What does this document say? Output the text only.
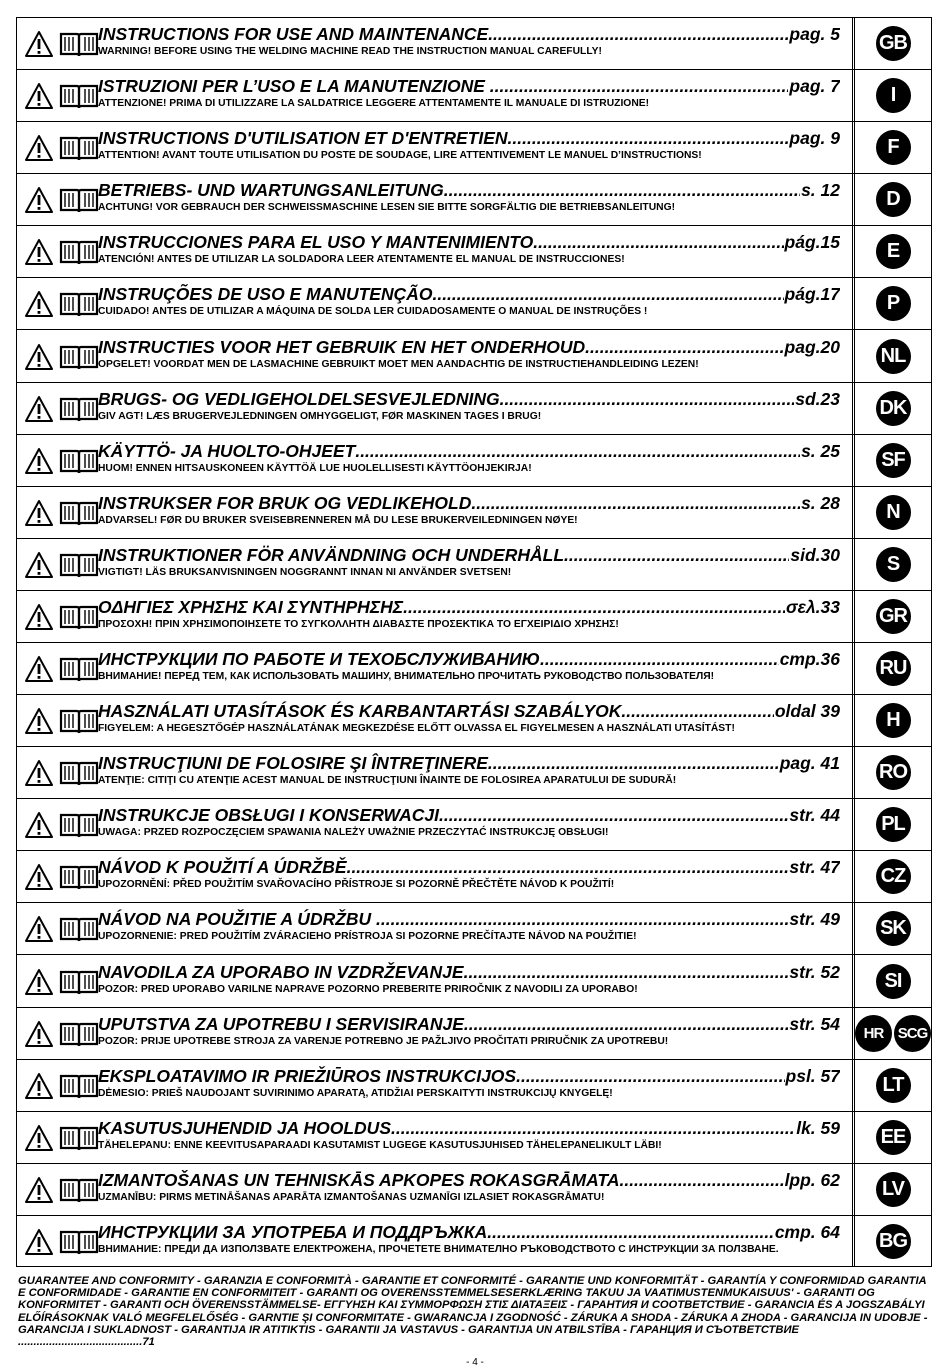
INSTRUCTIONS FOR USE AND MAINTENANCE .....	pag. 5
WARNING! BEFORE USING THE WELDING MACHINE READ THE INSTRUCTION MANUAL CAREFULLY!	GB
ISTRUZIONI PER L’USO E LA MANUTENZIONE .. .....	pag. 7
ATTENZIONE! PRIMA DI UTILIZZARE LA SALDATRICE LEGGERE ATTENTAMENTE IL MANUALE DI ISTRUZIONE!	I
INSTRUCTIONS D'UTILISATION ET D'ENTRETIEN .....	pag. 9
ATTENTION! AVANT TOUTE UTILISATION DU POSTE DE SOUDAGE, LIRE ATTENTIVEMENT LE MANUEL D’INSTRUCTIONS!	F
BETRIEBS- UND WARTUNGSANLEITUNG .....	s. 12
ACHTUNG! VOR GEBRAUCH DER SCHWEISSMASCHINE LESEN SIE BITTE SORGFÄLTIG DIE BETRIEBSANLEITUNG!	D
INSTRUCCIONES PARA EL USO Y MANTENIMIENTO .....	pág.15
ATENCIÓN! ANTES DE UTILIZAR LA SOLDADORA LEER ATENTAMENTE EL MANUAL DE INSTRUCCIONES!	E
INSTRUÇÕES DE USO E MANUTENÇÃO .....	pág.17
CUIDADO! ANTES DE UTILIZAR A MÁQUINA DE SOLDA LER CUIDADOSAMENTE O MANUAL DE INSTRUÇÕES !	P
INSTRUCTIES VOOR HET GEBRUIK EN HET ONDERHOUD .....	pag.20
OPGELET! VOORDAT MEN DE LASMACHINE GEBRUIKT MOET MEN AANDACHTIG DE INSTRUCTIEHANDLEIDING LEZEN!	NL
BRUGS- OG VEDLIGEHOLDELSESVEJLEDNING .....	sd.23
GIV AGT! LÆS BRUGERVEJLEDNINGEN OMHYGGELIGT, FØR MASKINEN TAGES I BRUG!	DK
KÄYTTÖ- JA HUOLTO-OHJEET .....	s. 25
HUOM! ENNEN HITSAUSKONEEN KÄYTTÖÄ LUE HUOLELLISESTI KÄYTTÖOHJEKIRJA!	SF
INSTRUKSER FOR BRUK OG VEDLIKEHOLD .....	s. 28
ADVARSEL! FØR DU BRUKER SVEISEBRENNEREN MÅ DU LESE BRUKERVEILEDNINGEN NØYE!	N
INSTRUKTIONER FÖR ANVÄNDNING OCH UNDERHÅLL .....	sid.30
VIGTIGT! LÄS BRUKSANVISNINGEN NOGGRANNT INNAN NI ANVÄNDER SVETSEN!	S
ΟΔΗΓΙΕΣ ΧΡΗΣΗΣ ΚΑΙ ΣΥΝΤΗΡΗΣΗΣ .....	σελ.33
ΠΡΟΣΟΧΗ! ΠΡΙΝ ΧΡΗΣΙΜΟΠΟΙΗΣΕΤΕ ΤΟ ΣΥΓΚΟΛΛΗΤΗ ΔΙΑΒΑΣΤΕ ΠΡΟΣΕΚΤΙΚΑ ΤΟ ΕΓΧΕΙΡΙΔΙΟ ΧΡΗΣΗΣ!	GR
ИНСТРУКЦИИ ПО РАБОТЕ И ТЕХОБСЛУЖИВАНИЮ .....	стр.36
ВНИМАНИЕ! ПЕРЕД ТЕМ, КАК ИСПОЛЬЗОВАТЬ МАШИНУ, ВНИМАТЕЛЬНО ПРОЧИТАТЬ РУКОВОДСТВО ПОЛЬЗОВАТЕЛЯ!	RU
HASZNÁLATI UTASÍTÁSOK ÉS KARBANTARTÁSI SZABÁLYOK .....	oldal 39
FIGYELEM: A HEGESZTŐGÉP HASZNÁLATÁNAK MEGKEZDÉSE ELŐTT OLVASSA EL FIGYELMESEN A HASZNÁLATI UTASÍTÁST!	H
INSTRUCŢIUNI DE FOLOSIRE ŞI ÎNTREŢINERE .....	pag. 41
ATENŢIE: CITIŢI CU ATENŢIE ACEST MANUAL DE INSTRUCŢIUNI ÎNAINTE DE FOLOSIREA APARATULUI DE SUDURĂ!	RO
INSTRUKCJE OBSŁUGI I KONSERWACJI .....	str. 44
UWAGA: PRZED ROZPOCZĘCIEM SPAWANIA NALEŻY UWAŻNIE PRZECZYTAĆ INSTRUKCJĘ OBSŁUGI!	PL
NÁVOD K POUŽITÍ A ÚDRŽBĚ .....	str. 47
UPOZORNĚNÍ: PŘED POUŽITÍM SVAŘOVACÍHO PŘÍSTROJE SI POZORNĚ PŘEČTĚTE NÁVOD K POUŽITÍ!	CZ
NÁVOD NA POUŽITIE A ÚDRŽBU . .....	str. 49
UPOZORNENIE: PRED POUŽITÍM ZVÁRACIEHO PRÍSTROJA SI POZORNE PREČÍTAJTE NÁVOD NA POUŽITIE!	SK
NAVODILA ZA UPORABO IN VZDRŽEVANJE .....	str. 52
POZOR: PRED UPORABO VARILNE NAPRAVE POZORNO PREBERITE PRIROČNIK Z NAVODILI ZA UPORABO!	SI
UPUTSTVA ZA UPOTREBU I SERVISIRANJE .....	str. 54
POZOR: PRIJE UPOTREBE STROJA ZA VARENJE POTREBNO JE PAŽLJIVO PROČITATI PRIRUČNIK ZA UPOTREBU!	HR SCG
EKSPLOATAVIMO IR PRIEŽIŪROS INSTRUKCIJOS .....	psl. 57
DĖMESIO: PRIEŠ NAUDOJANT SUVIRINIMO APARATĄ, ATIDŽIAI PERSKAITYTI INSTRUKCIJŲ KNYGELĘ!	LT
KASUTUSJUHENDID JA HOOLDUS .....	lk. 59
TÄHELEPANU: ENNE KEEVITUSAPARAADI KASUTAMIST LUGEGE KASUTUSJUHISED TÄHELEPANELIKULT LÄBI!	EE
IZMANTOŠANAS UN TEHNISKĀS APKOPES ROKASGRĀMATA .....	lpp. 62
UZMANĪBU: PIRMS METINĀŠANAS APARĀTA IZMANTOŠANAS UZMANĪGI IZLASIET ROKASGRĀMATU!	LV
ИНСТРУКЦИИ ЗА УПОТРЕБА И ПОДДРЪЖКА .....	стр. 64
ВНИМАНИЕ: ПРЕДИ ДА ИЗПОЛЗВАТЕ ЕЛЕКТРОЖЕНА, ПРОЧЕТЕТЕ ВНИМАТЕЛНО РЪКОВОДСТВОТО С ИНСТРУКЦИИ ЗА ПОЛЗВАНЕ.	BG
GUARANTEE AND CONFORMITY - GARANZIA E CONFORMITÀ - GARANTIE ET CONFORMITÉ - GARANTIE UND KONFORMITÄT - GARANTÍA Y CONFORMIDAD GARANTIA E CONFORMIDADE - GARANTIE EN CONFORMITEIT - GARANTI OG OVERENSSTEMMELSESERKLÆRING TAKUU JA VAATIMUSTENMUKAISUUS' - GARANTI OG KONFORMITET - GARANTI OCH ÖVERENSSTÄMMELSE- ΕΓΓΥΗΣΗ ΚΑΙ ΣΥΜΜΟΡΦΩΣΗ ΣΤΙΣ ΔΙΑΤΑΞΕΙΣ - ГАРАНТИЯ И СООТВЕТСТВИЕ - GARANCIA ÉS A JOGSZABÁLYI ELŐÍRÁSOKNAK VALÓ MEGFELELŐSÉG - GARNTIE ŞI CONFORMITATE - GWARANCJA I ZGODNOŚĆ - ZÁRUKA A SHODA - ZÁRUKA A ZHODA - GARANCIJA IN UDOBJE - GARANCIJA I SUKLADNOST - GARANTIJA IR ATITIKTIS - GARANTII JA VASTAVUS - GARANTIJA UN ATBILSTĪBA - ГАРАНЦИЯ И СЪОТВЕТСТВИЕ ........................................71
- 4 -
